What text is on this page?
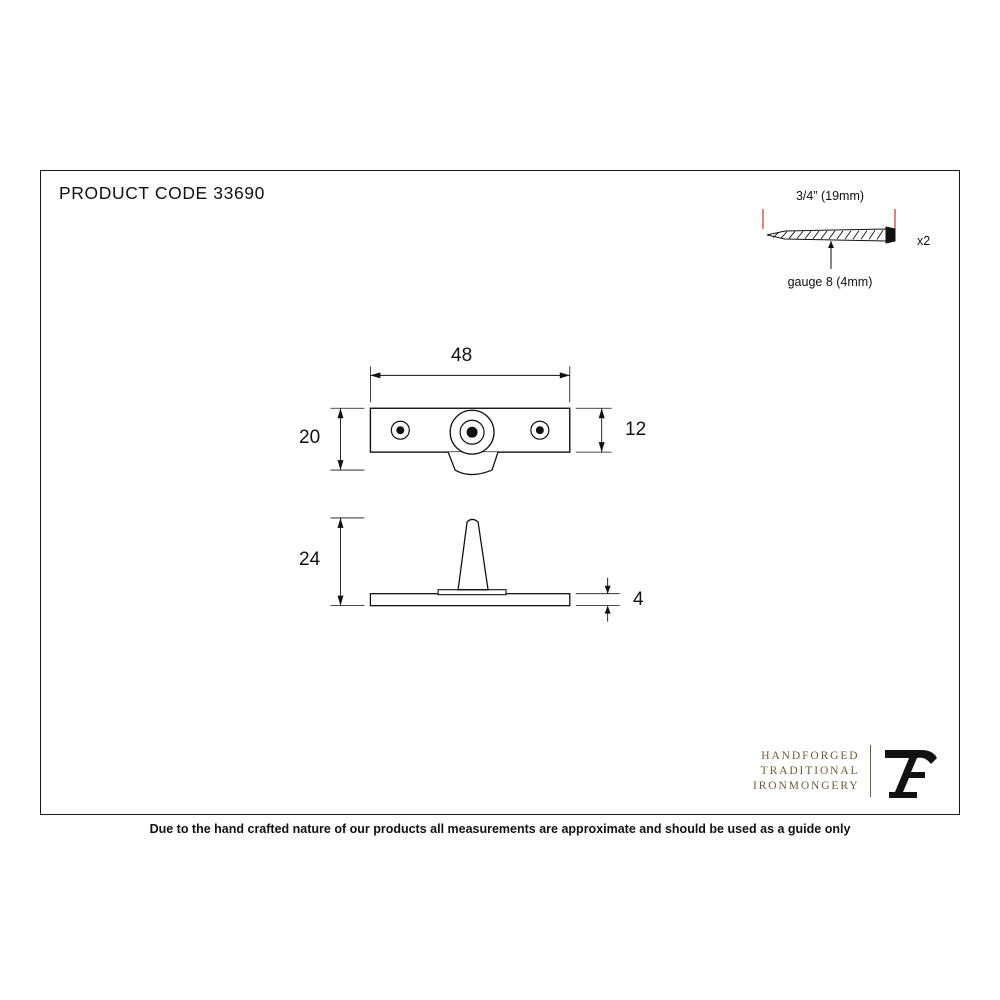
PRODUCT CODE 33690	3/4” (19mm)
x2
gauge 8 (4mm)
48
20	12
24
4
HANDFORGED
TRADITIONAL
IRONMONGERY
Due to the hand crafted nature of our products all measurements are approximate and should be used as a guide only
